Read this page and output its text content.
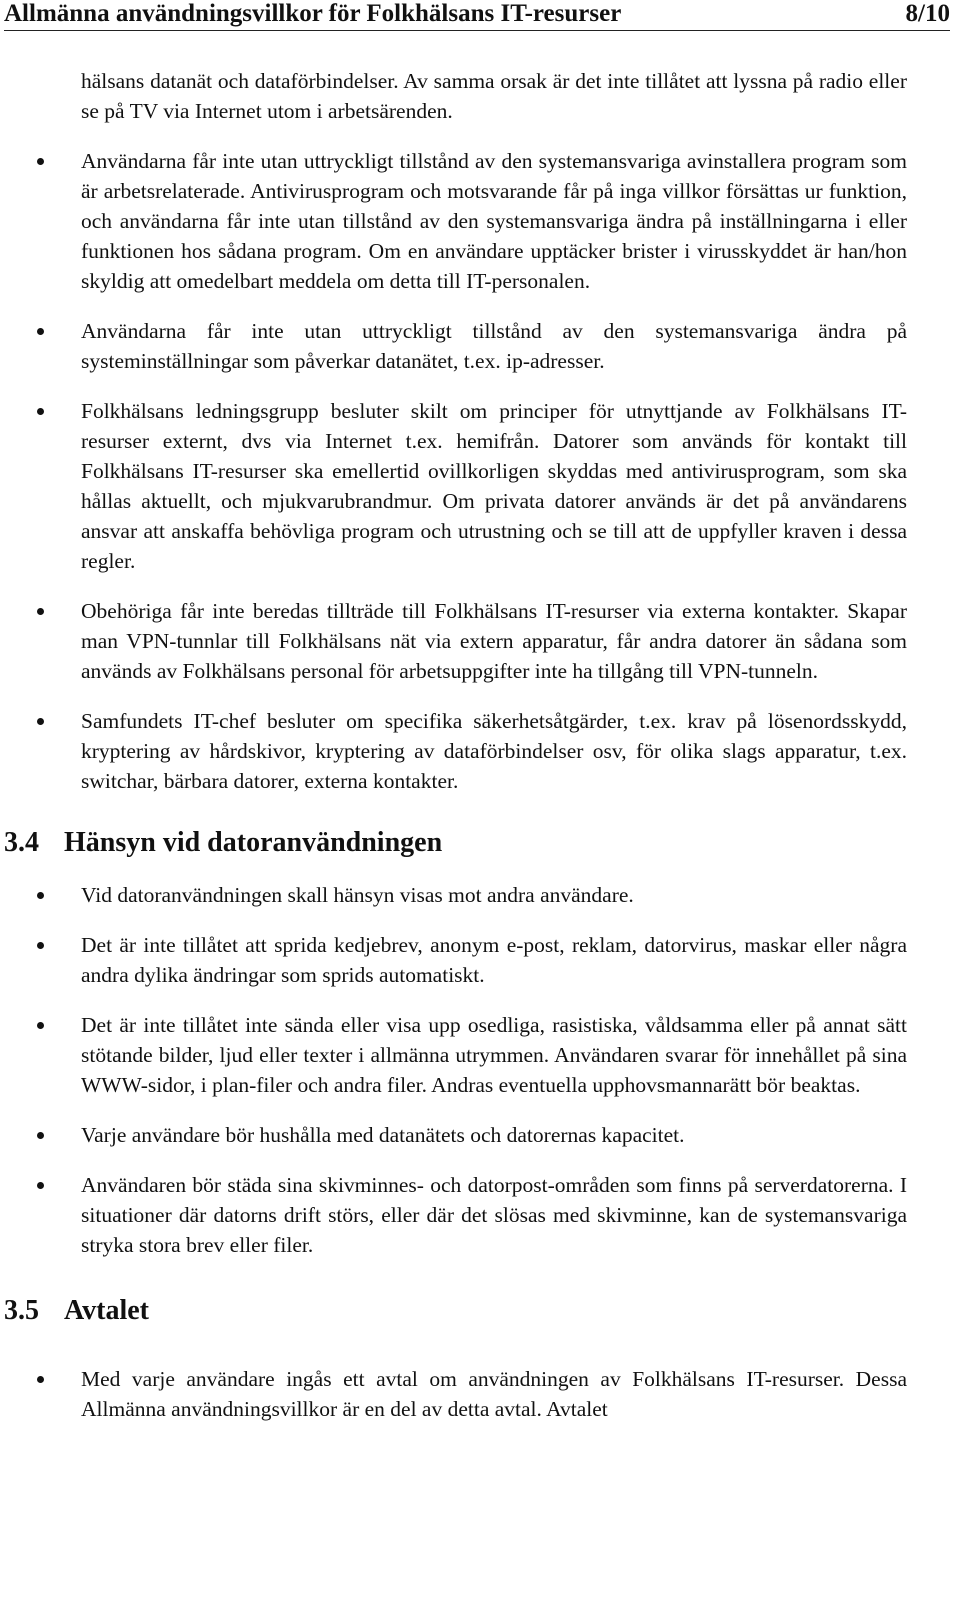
Allmänna användningsvillkor för Folkhälsans IT-resurser	8/10

hälsans datanät och dataförbindelser. Av samma orsak är det inte tillåtet att lyssna på radio eller se på TV via Internet utom i arbetsärenden.

Användarna får inte utan uttryckligt tillstånd av den systemansvariga avinstallera program som är arbetsrelaterade. Antivirusprogram och motsvarande får på inga villkor försättas ur funktion, och användarna får inte utan tillstånd av den systemansvariga ändra på inställningarna i eller funktionen hos sådana program. Om en användare upptäcker brister i virusskyddet är han/hon skyldig att omedelbart meddela om detta till IT-personalen.

Användarna får inte utan uttryckligt tillstånd av den systemansvariga ändra på systeminställningar som påverkar datanätet, t.ex. ip-adresser.

Folkhälsans ledningsgrupp besluter skilt om principer för utnyttjande av Folkhälsans IT-resurser externt, dvs via Internet t.ex. hemifrån. Datorer som används för kontakt till Folkhälsans IT-resurser ska emellertid ovillkorligen skyddas med antivirusprogram, som ska hållas aktuellt, och mjukvarubrandmur. Om privata datorer används är det på användarens ansvar att anskaffa behövliga program och utrustning och se till att de uppfyller kraven i dessa regler.

Obehöriga får inte beredas tillträde till Folkhälsans IT-resurser via externa kontakter. Skapar man VPN-tunnlar till Folkhälsans nät via extern apparatur, får andra datorer än sådana som används av Folkhälsans personal för arbetsuppgifter inte ha tillgång till VPN-tunneln.

Samfundets IT-chef besluter om specifika säkerhetsåtgärder, t.ex. krav på lösenordsskydd, kryptering av hårdskivor, kryptering av dataförbindelser osv, för olika slags apparatur, t.ex. switchar, bärbara datorer, externa kontakter.

3.4 Hänsyn vid datoranvändningen

Vid datoranvändningen skall hänsyn visas mot andra användare.

Det är inte tillåtet att sprida kedjebrev, anonym e-post, reklam, datorvirus, maskar eller några andra dylika ändringar som sprids automatiskt.

Det är inte tillåtet inte sända eller visa upp osedliga, rasistiska, våldsamma eller på annat sätt stötande bilder, ljud eller texter i allmänna utrymmen. Användaren svarar för innehållet på sina WWW-sidor, i plan-filer och andra filer. Andras eventuella upphovsmannarätt bör beaktas.

Varje användare bör hushålla med datanätets och datorernas kapacitet.

Användaren bör städa sina skivminnes- och datorpost-områden som finns på serverdatorerna. I situationer där datorns drift störs, eller där det slösas med skivminne, kan de systemansvariga stryka stora brev eller filer.

3.5 Avtalet

Med varje användare ingås ett avtal om användningen av Folkhälsans IT-resurser. Dessa Allmänna användningsvillkor är en del av detta avtal. Avtalet
